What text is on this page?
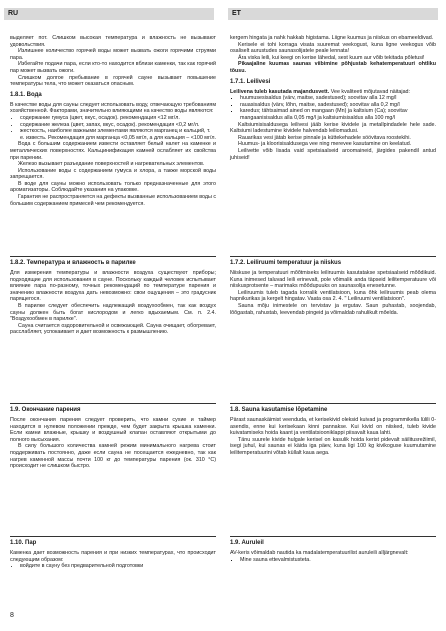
RU	ET

выделяет пот. Слишком высокая температура и влажность не вызывают удовольствия.

Излишнее количество горячей воды может вызвать ожоги горячими струями пара.

Избегайте подачи пара, если кто-то находится вблизи каменки, так как горячий пар может вызвать ожоги.

Слишком долгое пребывание в горячей сауне вызывает повышение температуры тела, что может оказаться опасным.

1.8.1. Вода

В качестве воды для сауны следует использовать воду, отвечающую требованиям хозяйственной. Факторами, значительно влияющими на качество воды являются:

• содержание гумуса (цвет, вкус, осадок). рекомендация <12 мг/л.
• содержание железа (цвет, запах, вкус, осадок). рекомендация <0,2 мг/л.
• жесткость, наиболее важными элементами являются марганец и кальций, т. е. известь. Рекомендация для марганца <0,05 мг/л, а для кальция – <100 мг/л.

Вода с большим содержанием извести оставляет белый налет на каменке и металлических поверхностях. Кальцинификация камней ослабляет их свойства при парении.

Железо вызывает разъедание поверхностей и нагревательных элементов.

Использование воды с содержанием гумуса и хлора, а также морской воды запрещается.

В воде для сауны можно использовать только предназначенные для этого ароматизаторы. Соблюдайте указания на упаковке.

Гарантия не распространяется на дефекты вызванные использованием воды с большим содержанием примесей чем рекомендуется.

kergem hingata ja nahk hakkab higistama. Liigne kuumus ja niiskus on ebameeldivad.

Kerisele ei tohi korraga visata suuremat veekogust, kuna ligne veekogus võib osaliselt aurustudes saunasolijatele peale lennata!

Ära viska leili, kui keegi on kerise lähedal, sest kuum aur võib tekitada põletusi!

Pikaajaline kuumas saunas viibimine põhjustab kehatemperatuuri ohtliku tõusu.

1.7.1. Leilivesi

Leilivena tuleb kasutada majandusvett. Vee kvaliteeti mõjutavad näitajad:

▪ huumusesisaldus (värv, maitse, sadestused); soovitav alla 12 mg/l
▪ rauasisaldus (värv, lõhn, maitse, sadestused); soovitav alla 0,2 mg/l
▪ karedus; tähtsaimad ained on mangaan (Mn) ja kaltsium (Ca); soovitav mangaanisisaldus alla 0,05 mg/l ja kaltsiumisisaldus alla 100 mg/l

Kaltsiumisisaldusega leilivesi jääb kerise kividele ja metallpindadele hele sade. Kaltsiumi ladestumine kividele halvendab leiliomadusi.

Rauarikas vesi jätab kerise pinnale ja küttekehadele söövitava roostekihi.

Huumus- ja kloorisisaldusega vee ning merevee kasutamine on keelatud.

Leilivette võib lisada vaid spetsiaalseid aroomaineid, järgides pakendil antud juhiseid!

1.8.2. Температура и влажность в парилке

Для измерения температуры и влажности воздуха существуют приборы; подходящие для использования в сауне. Поскольку каждый человек испытывает влияние пара по-разному, точных рекомендаций по температуре парения и значению влажности воздуха дать невозможно: свои ощущения – это градусник парящегося.

В парилке следует обеспечить надлежащий воздухообмен, так как воздух сауны должен быть богат кислородом и легко вдыхаемым. См. п. 2.4. "Воздухообмен в парилке".

Сауна считается оздоровительной и освежающей. Сауна очищает, обогревает, расслабляет, успокаивает и дает возможность к размышлению.

1.7.2. Leiliruumi temperatuur ja niiskus

Niiskuse ja temperatuuri mõõtmiseks leiliruumis kasutatakse spetsiaalseid mõõdikuid. Kuna inimesed taluvad leili erinevalt, pole võimalik anda täpseid leilitemperatuure või niiskusprotsente – marimaks mõõdupuuks on saunasolija enesetunne.

Leiliruumis tuleb tagada korralik ventilatsioon, kuna õhk leiliruumis peab olema hapnikurikas ja kergelt hingatav. Vaata osa 2. 4. " Leiliruumi ventilatsioon".

Sauna mõju inimestele on tervistav ja ergutav. Saun puhastab, soojendab, lõõgastab, rahustab, leevendab pingeid ja võimaldab rahulikult mõelda.

1.9. Окончание парения

После окончания парения следует проверить, что камни сухие и таймер находится в нулевом положении прежде, чем будет закрыта крышка каменки. Если камни влажные, крышку и воздушный клапан оставляют открытыми до полного высыхания.

В силу большого количества камней режим минимального нагрева стоит поддерживать постоянно, даже если сауна не посещается ежедневно, так как нагрев каменной массы почти 100 кг до температуры парения (ок. 310 °C) происходит не слишком быстро.

1.8. Sauna kasutamise lõpetamine

Pärast saunaskäimist veenduda, et kerisekivid oleksid kuivad ja programmikella lülili 0- asendis, enne kui kerisekaan kinni pannakse. Kui kivid on niisked, tuleb kivide kuivatamiseks hoida kaant ja ventilatsiooniklappi piisavalt kaua lahti.

Tänu suurele kivide hulgale kerisel on kasulik hoida kerist pidevalt säilitusrežiimil, isegi juhul, kui saunas ei käida iga päev, kuna ligi 100 kg kivikoguse kuumutamine leilitemperatuurini võtab küllalt kaua aega.

1.10. Пар

Каменка дает возможность парения и при низких температурах, что происходит следующим образом:

• войдите в сауну без предварительной подготовки
1.9. Auruleil

AV-keris võimaldab nautida ka madalatemperatuurilist auruleili alljärgnevalt:

▪ Mine sauna ettevalmistusteta.
8
